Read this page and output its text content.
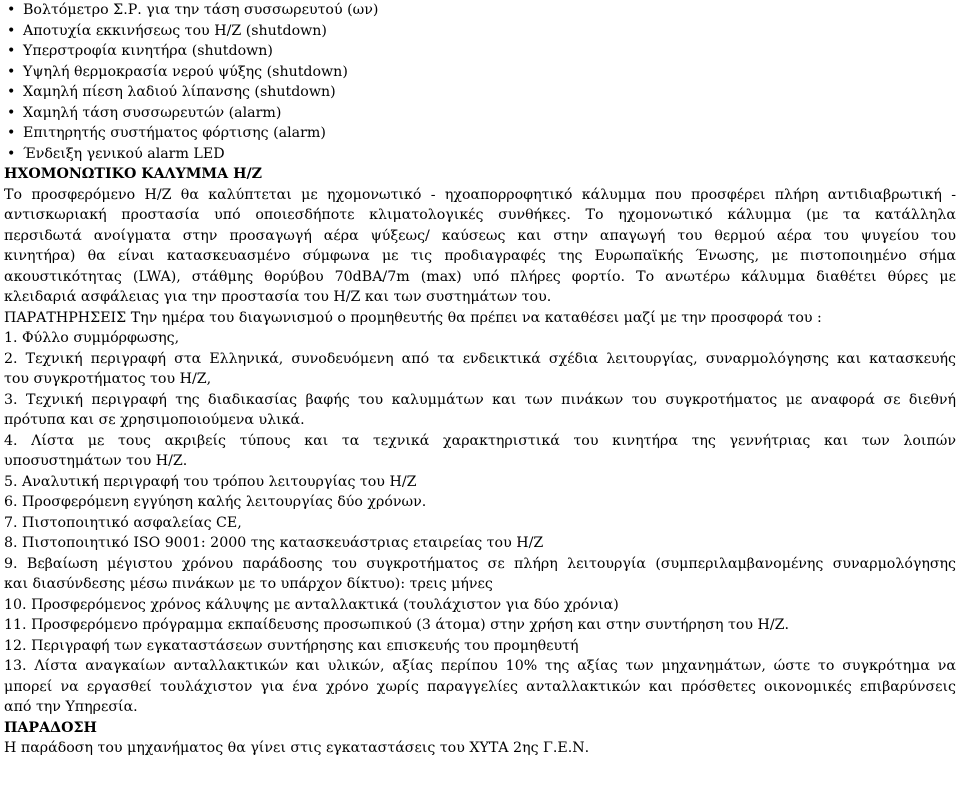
• Βολτόμετρο Σ.Ρ. για την τάση συσσωρευτού (ων)
• Αποτυχία εκκινήσεως του Η/Ζ (shutdown)
• Υπερστροφία κινητήρα (shutdown)
• Υψηλή θερμοκρασία νερού ψύξης (shutdown)
• Χαμηλή πίεση λαδιού λίπανσης (shutdown)
• Χαμηλή τάση συσσωρευτών (alarm)
• Επιτηρητής συστήματος φόρτισης (alarm)
• Ένδειξη γενικού alarm LED
ΗΧΟΜΟΝΩΤΙΚΟ ΚΑΛΥΜΜΑ Η/Ζ
Το προσφερόμενο Η/Ζ θα καλύπτεται με ηχομονωτικό - ηχοαπορροφητικό κάλυμμα που προσφέρει πλήρη αντιδιαβρωτική -
αντισκωριακή προστασία υπό οποιεσδήποτε κλιματολογικές συνθήκες. Το ηχομονωτικό κάλυμμα (με τα κατάλληλα
περσιδωτά ανοίγματα στην προσαγωγή αέρα ψύξεως/ καύσεως και στην απαγωγή του θερμού αέρα του ψυγείου του
κινητήρα) θα είναι κατασκευασμένο σύμφωνα με τις προδιαγραφές της Ευρωπαϊκής Ένωσης, με πιστοποιημένο σήμα
ακουστικότητας (LWA), στάθμης θορύβου 70dBA/7m (max) υπό πλήρες φορτίο. Το ανωτέρω κάλυμμα διαθέτει θύρες με
κλειδαριά ασφάλειας για την προστασία του Η/Ζ και των συστημάτων του.
ΠΑΡΑΤΗΡΗΣΕΙΣ Την ημέρα του διαγωνισμού ο προμηθευτής θα πρέπει να καταθέσει μαζί με την προσφορά του :
1. Φύλλο συμμόρφωσης,
2. Τεχνική περιγραφή στα Ελληνικά, συνοδευόμενη από τα ενδεικτικά σχέδια λειτουργίας, συναρμολόγησης και κατασκευής
του συγκροτήματος του Η/Ζ,
3. Τεχνική περιγραφή της διαδικασίας βαφής του καλυμμάτων και των πινάκων του συγκροτήματος με αναφορά σε διεθνή
πρότυπα και σε χρησιμοποιούμενα υλικά.
4. Λίστα με τους ακριβείς τύπους και τα τεχνικά χαρακτηριστικά του κινητήρα της γεννήτριας και των λοιπών
υποσυστημάτων του Η/Ζ.
5. Αναλυτική περιγραφή του τρόπου λειτουργίας του Η/Ζ
6. Προσφερόμενη εγγύηση καλής λειτουργίας δύο χρόνων.
7. Πιστοποιητικό ασφαλείας CE,
8. Πιστοποιητικό ISO 9001: 2000 της κατασκευάστριας εταιρείας του Η/Ζ
9. Βεβαίωση μέγιστου χρόνου παράδοσης του συγκροτήματος σε πλήρη λειτουργία (συμπεριλαμβανομένης συναρμολόγησης
και διασύνδεσης μέσω πινάκων με το υπάρχον δίκτυο): τρεις μήνες
10. Προσφερόμενος χρόνος κάλυψης με ανταλλακτικά (τουλάχιστον για δύο χρόνια)
11. Προσφερόμενο πρόγραμμα εκπαίδευσης προσωπικού (3 άτομα) στην χρήση και στην συντήρηση του Η/Ζ.
12. Περιγραφή των εγκαταστάσεων συντήρησης και επισκευής του προμηθευτή
13. Λίστα αναγκαίων ανταλλακτικών και υλικών, αξίας περίπου 10% της αξίας των μηχανημάτων, ώστε το συγκρότημα να
μπορεί να εργασθεί τουλάχιστον για ένα χρόνο χωρίς παραγγελίες ανταλλακτικών και πρόσθετες οικονομικές επιβαρύνσεις
από την Υπηρεσία.
ΠΑΡΑΔΟΣΗ
Η παράδοση του μηχανήματος θα γίνει στις εγκαταστάσεις του ΧΥΤΑ 2ης Γ.Ε.Ν.
